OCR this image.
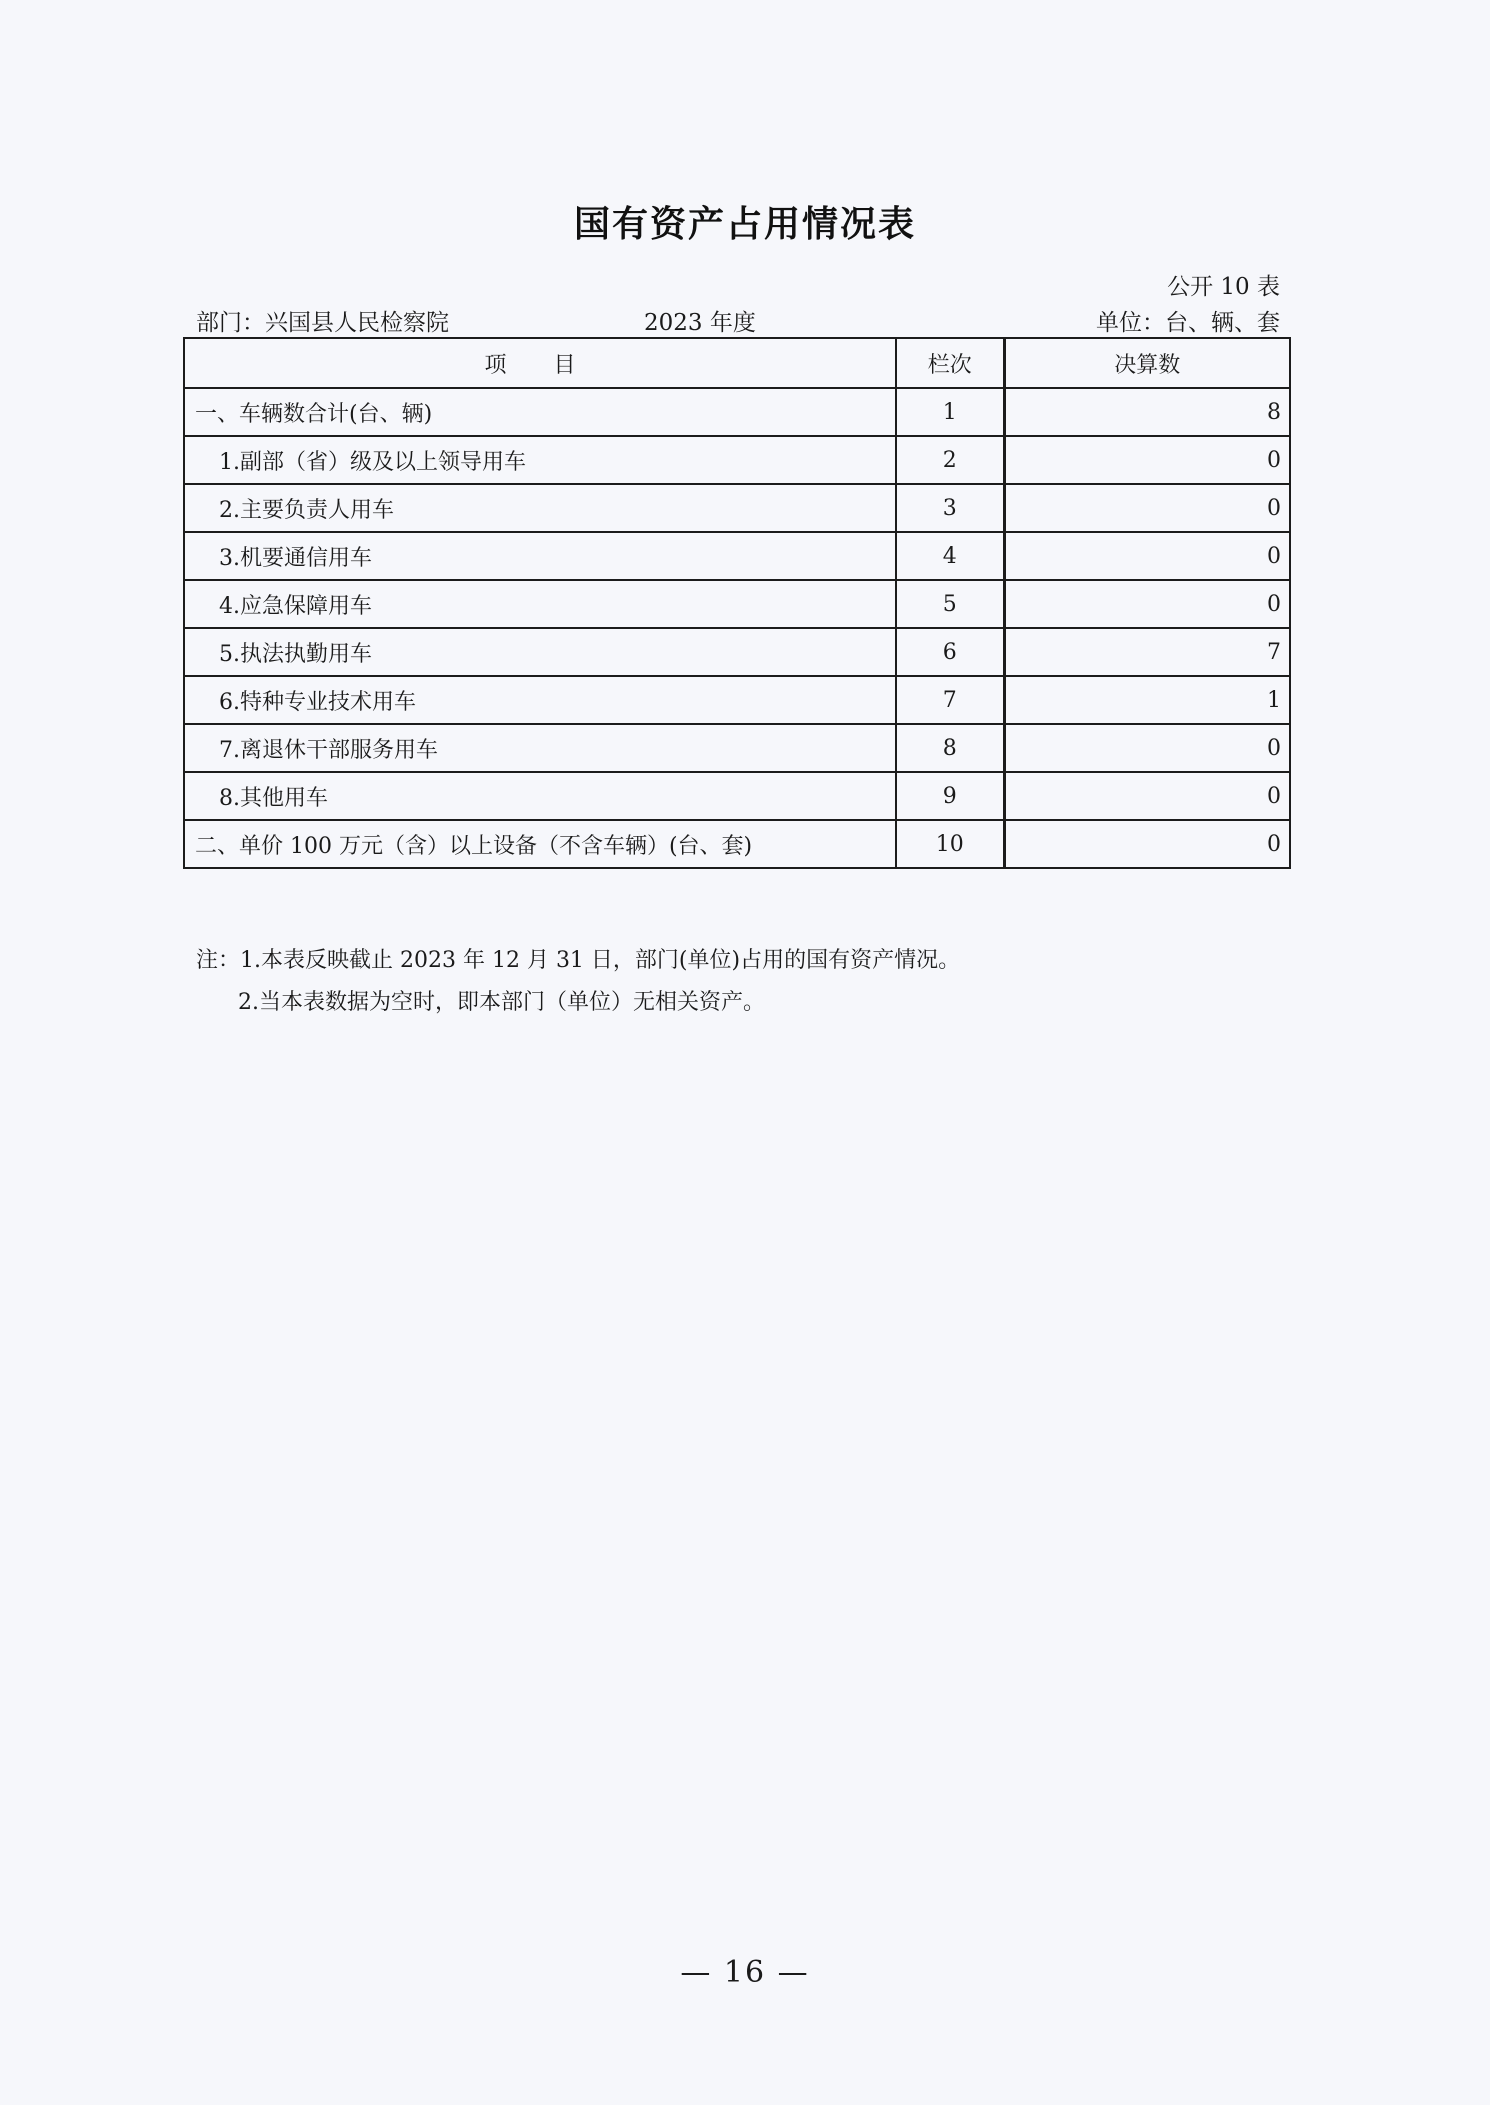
国有资产占用情况表
公开 10 表
部门：兴国县人民检察院	2023 年度	单位：台、辆、套
项 目	栏次	决算数
一、车辆数合计(台、辆)	1	8
1.副部（省）级及以上领导用车	2	0
2.主要负责人用车	3	0
3.机要通信用车	4	0
4.应急保障用车	5	0
5.执法执勤用车	6	7
6.特种专业技术用车	7	1
7.离退休干部服务用车	8	0
8.其他用车	9	0
二、单价 100 万元（含）以上设备（不含车辆）(台、套)	10	0
注：1.本表反映截止 2023 年 12 月 31 日，部门(单位)占用的国有资产情况。
2.当本表数据为空时，即本部门（单位）无相关资产。
— 16 —
